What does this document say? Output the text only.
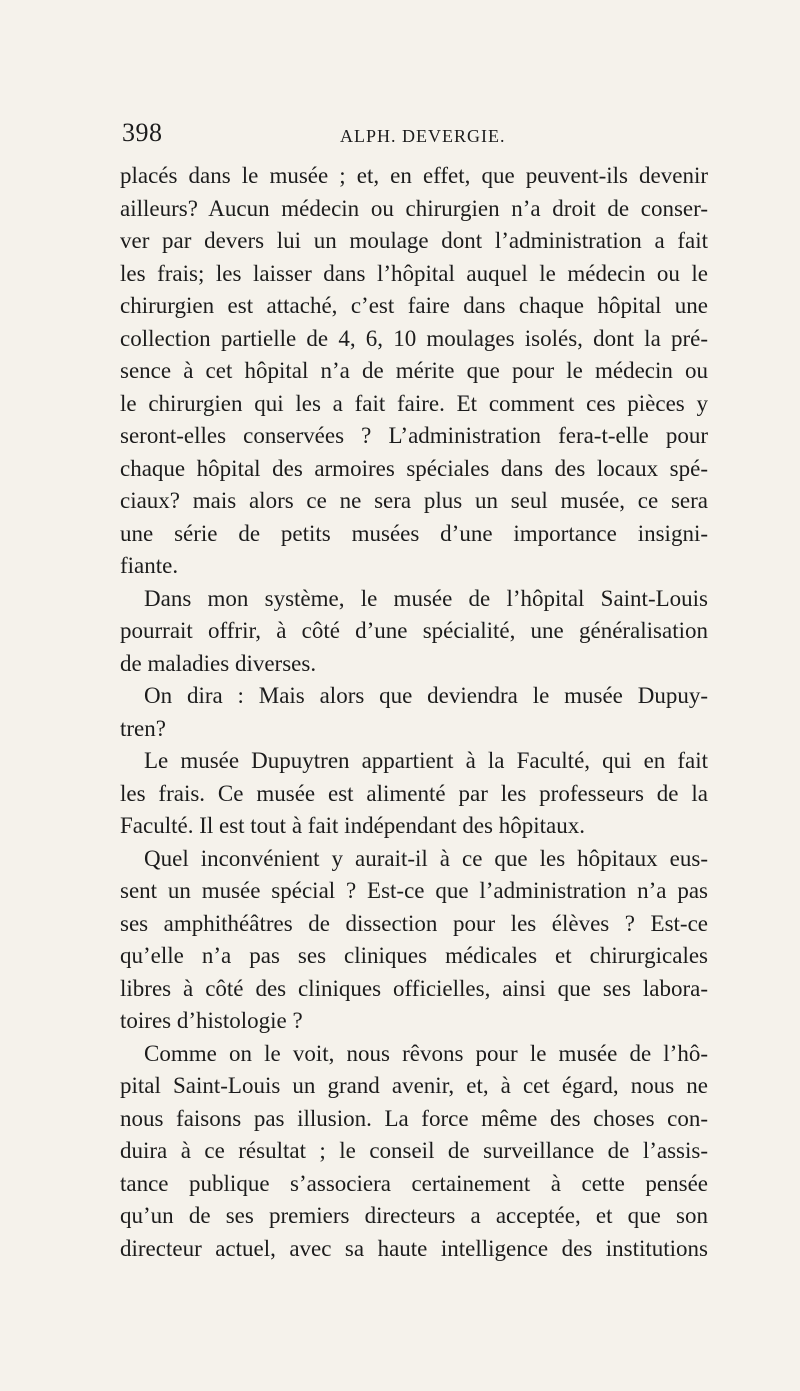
398	ALPH. DEVERGIE.
placés dans le musée ; et, en effet, que peuvent-ils devenir
ailleurs? Aucun médecin ou chirurgien n’a droit de conser-
ver par devers lui un moulage dont l’administration a fait
les frais; les laisser dans l’hôpital auquel le médecin ou le
chirurgien est attaché, c’est faire dans chaque hôpital une
collection partielle de 4, 6, 10 moulages isolés, dont la pré-
sence à cet hôpital n’a de mérite que pour le médecin ou
le chirurgien qui les a fait faire. Et comment ces pièces y
seront-elles conservées ? L’administration fera-t-elle pour
chaque hôpital des armoires spéciales dans des locaux spé-
ciaux? mais alors ce ne sera plus un seul musée, ce sera
une série de petits musées d’une importance insigni-
fiante.
Dans mon système, le musée de l’hôpital Saint-Louis
pourrait offrir, à côté d’une spécialité, une généralisation
de maladies diverses.
On dira : Mais alors que deviendra le musée Dupuy-
tren?
Le musée Dupuytren appartient à la Faculté, qui en fait
les frais. Ce musée est alimenté par les professeurs de la
Faculté. Il est tout à fait indépendant des hôpitaux.
Quel inconvénient y aurait-il à ce que les hôpitaux eus-
sent un musée spécial ? Est-ce que l’administration n’a pas
ses amphithéâtres de dissection pour les élèves ? Est-ce
qu’elle n’a pas ses cliniques médicales et chirurgicales
libres à côté des cliniques officielles, ainsi que ses labora-
toires d’histologie ?
Comme on le voit, nous rêvons pour le musée de l’hô-
pital Saint-Louis un grand avenir, et, à cet égard, nous ne
nous faisons pas illusion. La force même des choses con-
duira à ce résultat ; le conseil de surveillance de l’assis-
tance publique s’associera certainement à cette pensée
qu’un de ses premiers directeurs a acceptée, et que son
directeur actuel, avec sa haute intelligence des institutions
